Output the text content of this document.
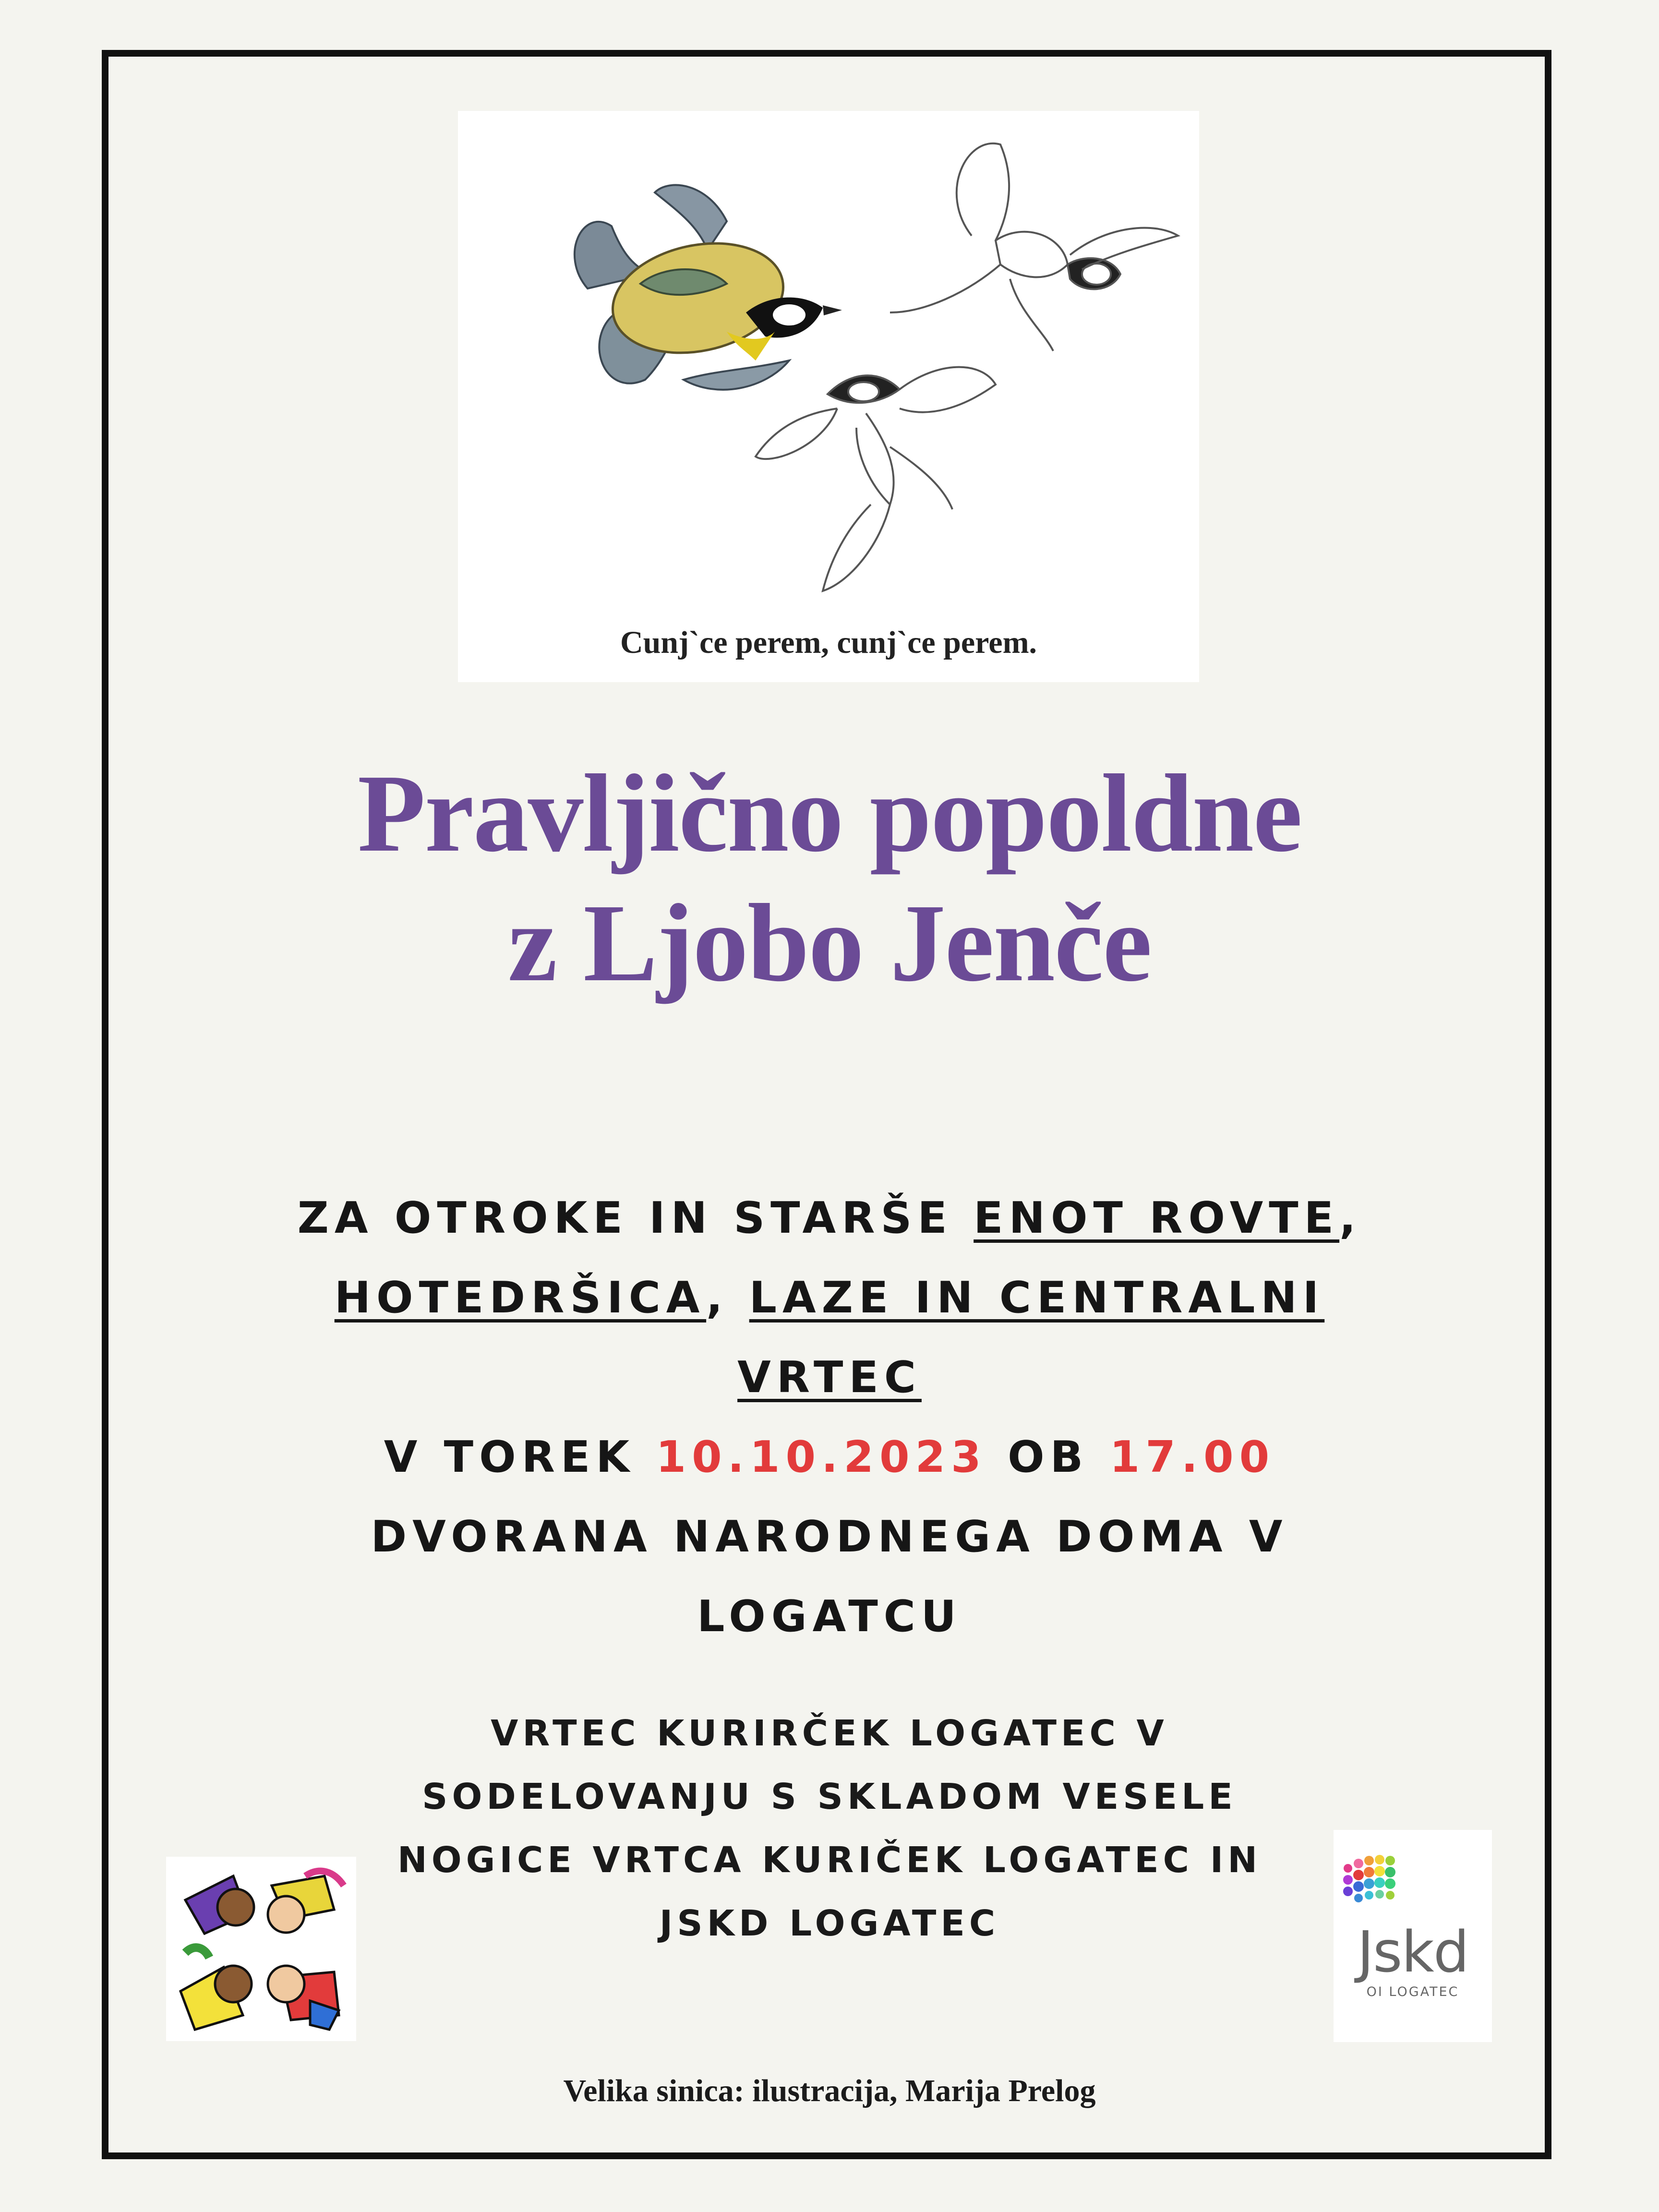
Cunj`ce perem, cunj`ce perem.
Pravljično popoldne
z Ljobo Jenče
ZA OTROKE IN STARŠE ENOT ROVTE,
HOTEDRŠICA, LAZE IN CENTRALNI
VRTEC
V TOREK 10.10.2023 OB 17.00
DVORANA NARODNEGA DOMA V
LOGATCU
VRTEC KURIRČEK LOGATEC V
SODELOVANJU S SKLADOM VESELE
NOGICE VRTCA KURIČEK LOGATEC IN
JSKD LOGATEC	Jskd
OI LOGATEC
Velika sinica: ilustracija, Marija Prelog
